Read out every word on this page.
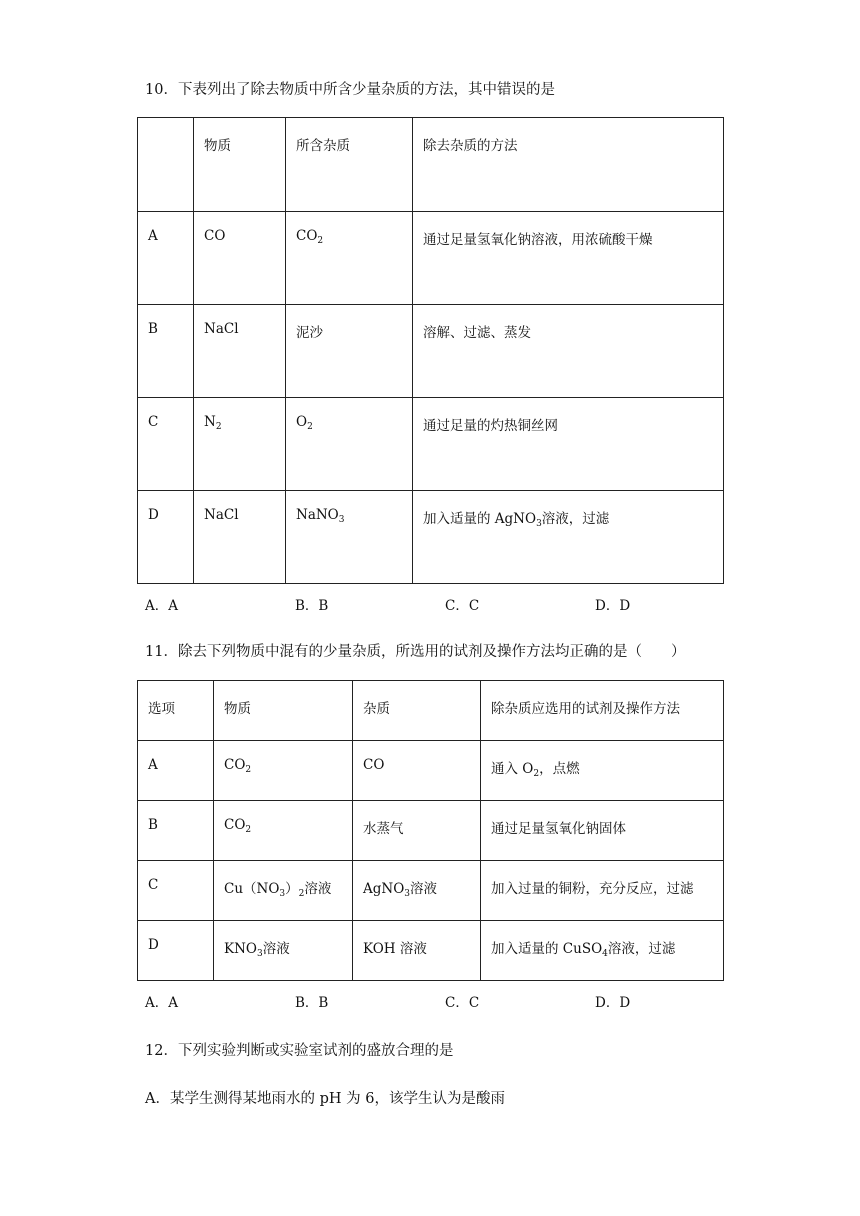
10．下表列出了除去物质中所含少量杂质的方法，其中错误的是

	物质	所含杂质	除去杂质的方法

A	CO	$CO_2$	通过足量氢氧化钠溶液，用浓硫酸干燥

B	NaCl	泥沙	溶解、过滤、蒸发

C	$N_2$	$O_2$	通过足量的灼热铜丝网

D	NaCl	NaNO$_3$	加入适量的 AgNO$_3$溶液，过滤
A．A	B．B	C．C	D．D
11．除去下列物质中混有的少量杂质，所选用的试剂及操作方法均正确的是（　　）
选项	物质	杂质	除杂质应选用的试剂及操作方法

A	$CO_2$	CO	通入 $O_2$，点燃

B	$CO_2$	水蒸气	通过足量氢氧化钠固体

C	$Cu(NO_3)_2$溶液	AgNO$_3$溶液	加入过量的铜粉，充分反应，过滤

D	$KNO_3$溶液	KOH 溶液	加入适量的 CuSO$_4$溶液，过滤
A．A	B．B	C．C	D．D
12．下列实验判断或实验室试剂的盛放合理的是
A．某学生测得某地雨水的 pH 为 6，该学生认为是酸雨
